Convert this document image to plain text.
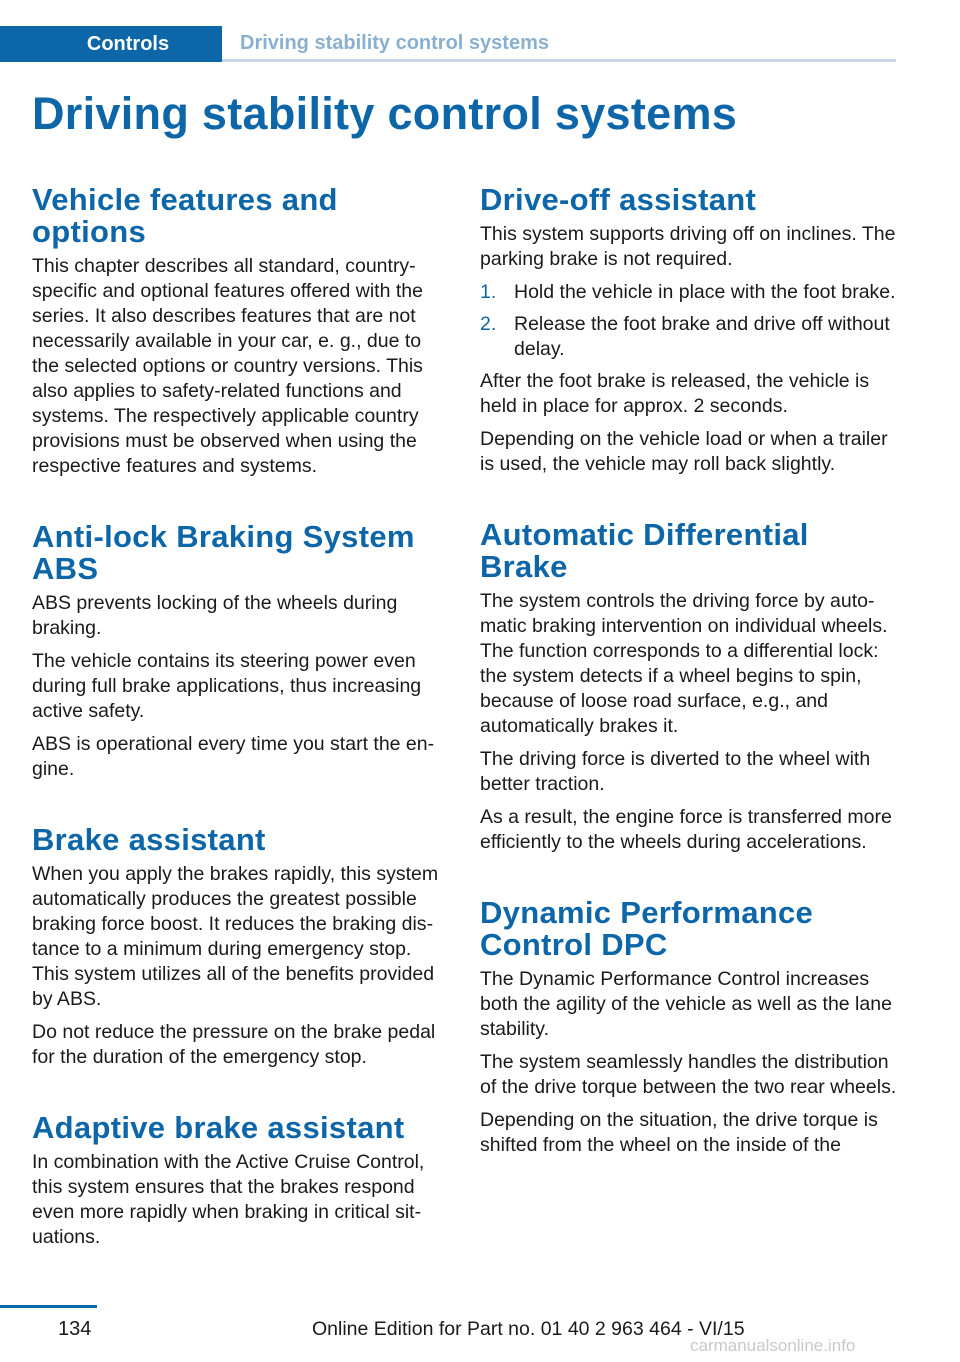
Controls	Driving stability control systems
Driving stability control systems
Vehicle features and options

This chapter describes all standard, country-specific and optional features offered with the series. It also describes features that are not necessarily available in your car, e. g., due to the selected options or country versions. This also applies to safety-related functions and systems. The respectively applicable country provisions must be observed when using the respective features and systems.

Anti-lock Braking System ABS

ABS prevents locking of the wheels during braking.

The vehicle contains its steering power even during full brake applications, thus increasing active safety.

ABS is operational every time you start the engine.

Brake assistant

When you apply the brakes rapidly, this system automatically produces the greatest possible braking force boost. It reduces the braking distance to a minimum during emergency stop. This system utilizes all of the benefits provided by ABS.

Do not reduce the pressure on the brake pedal for the duration of the emergency stop.

Adaptive brake assistant

In combination with the Active Cruise Control, this system ensures that the brakes respond even more rapidly when braking in critical situations.

Drive-off assistant

This system supports driving off on inclines. The parking brake is not required.

1. Hold the vehicle in place with the foot brake.
2. Release the foot brake and drive off without delay.

After the foot brake is released, the vehicle is held in place for approx. 2 seconds.

Depending on the vehicle load or when a trailer is used, the vehicle may roll back slightly.

Automatic Differential Brake

The system controls the driving force by automatic braking intervention on individual wheels. The function corresponds to a differential lock: the system detects if a wheel begins to spin, because of loose road surface, e.g., and automatically brakes it.

The driving force is diverted to the wheel with better traction.

As a result, the engine force is transferred more efficiently to the wheels during accelerations.

Dynamic Performance Control DPC

The Dynamic Performance Control increases both the agility of the vehicle as well as the lane stability.

The system seamlessly handles the distribution of the drive torque between the two rear wheels.

Depending on the situation, the drive torque is shifted from the wheel on the inside of the

134	Online Edition for Part no. 01 40 2 963 464 - VI/15
carmanualsonline.info
